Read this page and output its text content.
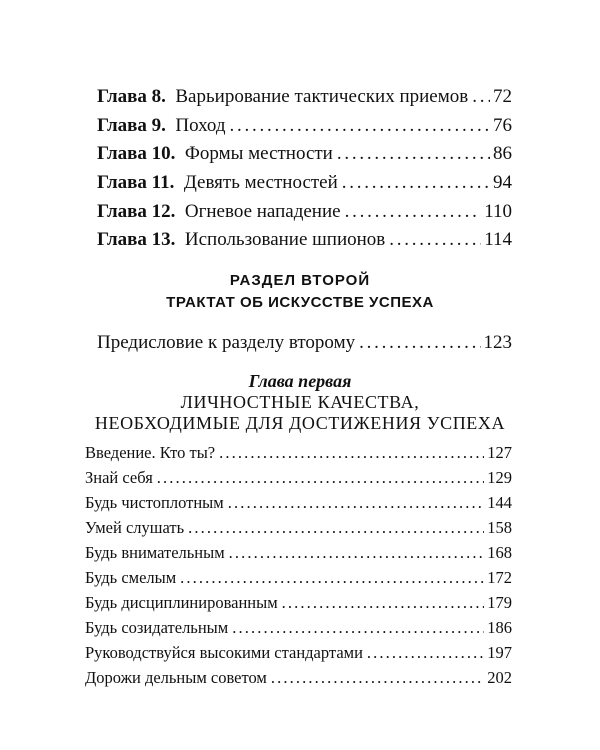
Глава 8. Варьирование тактических приемов . . . 72
Глава 9. Поход . . .	76
Глава 10. Формы местности . . .	86
Глава 11. Девять местностей . . .	94
Глава 12. Огневое нападение . . .	110
Глава 13. Использование шпионов . . .	114
РАЗДЕЛ ВТОРОЙ
ТРАКТАТ ОБ ИСКУССТВЕ УСПЕХА
Предисловие к разделу второму . . .	123
Глава первая
ЛИЧНОСТНЫЕ КАЧЕСТВА,
НЕОБХОДИМЫЕ ДЛЯ ДОСТИЖЕНИЯ УСПЕХА
Введение. Кто ты? . . .	127
Знай себя . . .	129
Будь чистоплотным . . .	144
Умей слушать . . .	158
Будь внимательным . . .	168
Будь смелым . . .	172
Будь дисциплинированным . . .	179
Будь созидательным . . .	186
Руководствуйся высокими стандартами . . .	197
Дорожи дельным советом . . .	202
